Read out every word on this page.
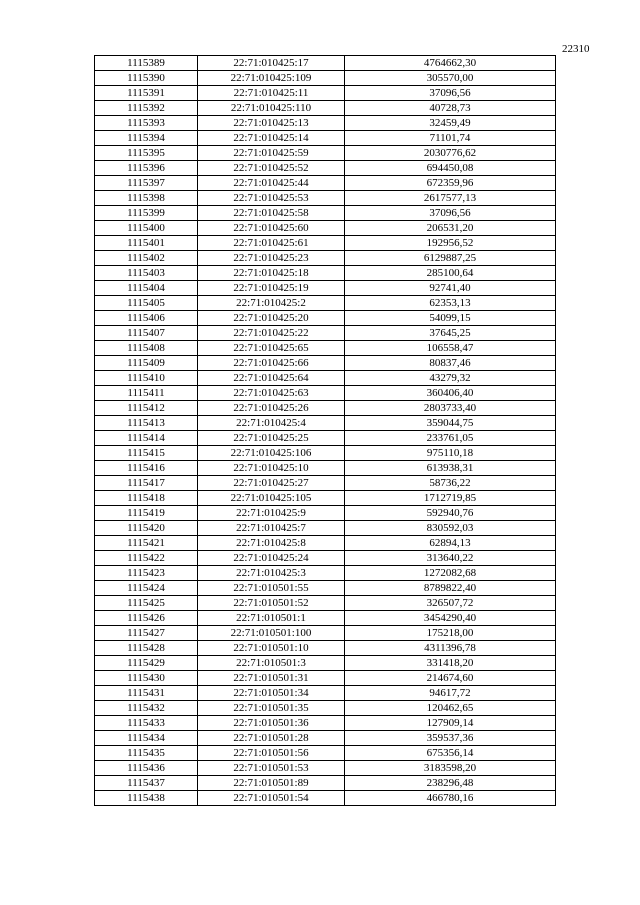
22310
1115389	22:71:010425:17	4764662,30
1115390	22:71:010425:109	305570,00
1115391	22:71:010425:11	37096,56
1115392	22:71:010425:110	40728,73
1115393	22:71:010425:13	32459,49
1115394	22:71:010425:14	71101,74
1115395	22:71:010425:59	2030776,62
1115396	22:71:010425:52	694450,08
1115397	22:71:010425:44	672359,96
1115398	22:71:010425:53	2617577,13
1115399	22:71:010425:58	37096,56
1115400	22:71:010425:60	206531,20
1115401	22:71:010425:61	192956,52
1115402	22:71:010425:23	6129887,25
1115403	22:71:010425:18	285100,64
1115404	22:71:010425:19	92741,40
1115405	22:71:010425:2	62353,13
1115406	22:71:010425:20	54099,15
1115407	22:71:010425:22	37645,25
1115408	22:71:010425:65	106558,47
1115409	22:71:010425:66	80837,46
1115410	22:71:010425:64	43279,32
1115411	22:71:010425:63	360406,40
1115412	22:71:010425:26	2803733,40
1115413	22:71:010425:4	359044,75
1115414	22:71:010425:25	233761,05
1115415	22:71:010425:106	975110,18
1115416	22:71:010425:10	613938,31
1115417	22:71:010425:27	58736,22
1115418	22:71:010425:105	1712719,85
1115419	22:71:010425:9	592940,76
1115420	22:71:010425:7	830592,03
1115421	22:71:010425:8	62894,13
1115422	22:71:010425:24	313640,22
1115423	22:71:010425:3	1272082,68
1115424	22:71:010501:55	8789822,40
1115425	22:71:010501:52	326507,72
1115426	22:71:010501:1	3454290,40
1115427	22:71:010501:100	175218,00
1115428	22:71:010501:10	4311396,78
1115429	22:71:010501:3	331418,20
1115430	22:71:010501:31	214674,60
1115431	22:71:010501:34	94617,72
1115432	22:71:010501:35	120462,65
1115433	22:71:010501:36	127909,14
1115434	22:71:010501:28	359537,36
1115435	22:71:010501:56	675356,14
1115436	22:71:010501:53	3183598,20
1115437	22:71:010501:89	238296,48
1115438	22:71:010501:54	466780,16
